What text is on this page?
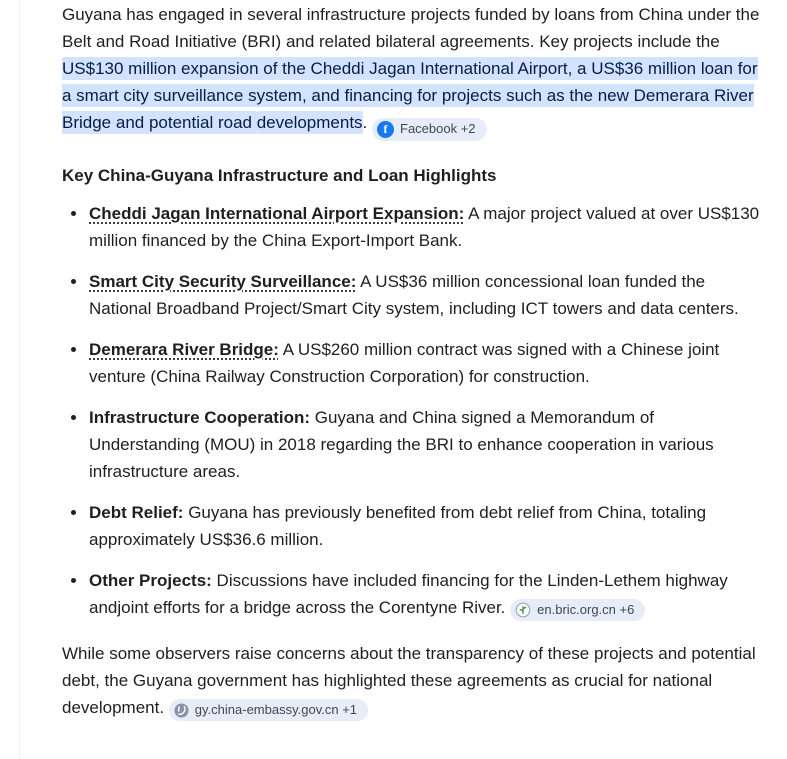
Guyana has engaged in several infrastructure projects funded by loans from China under the Belt and Road Initiative (BRI) and related bilateral agreements. Key projects include the US$130 million expansion of the Cheddi Jagan International Airport, a US$36 million loan for a smart city surveillance system, and financing for projects such as the new Demerara River Bridge and potential road developments. f Facebook +2

Key China-Guyana Infrastructure and Loan Highlights
• Cheddi Jagan International Airport Expansion: A major project valued at over US$130 million financed by the China Export-Import Bank.
• Smart City Security Surveillance: A US$36 million concessional loan funded the National Broadband Project/Smart City system, including ICT towers and data centers.
• Demerara River Bridge: A US$260 million contract was signed with a Chinese joint venture (China Railway Construction Corporation) for construction.
• Infrastructure Cooperation: Guyana and China signed a Memorandum of Understanding (MOU) in 2018 regarding the BRI to enhance cooperation in various infrastructure areas.
• Debt Relief: Guyana has previously benefited from debt relief from China, totaling approximately US$36.6 million.
• Other Projects: Discussions have included financing for the Linden-Lethem highway andjoint efforts for a bridge across the Corentyne River. en.bric.org.cn +6

While some observers raise concerns about the transparency of these projects and potential debt, the Guyana government has highlighted these agreements as crucial for national development. gy.china-embassy.gov.cn +1
